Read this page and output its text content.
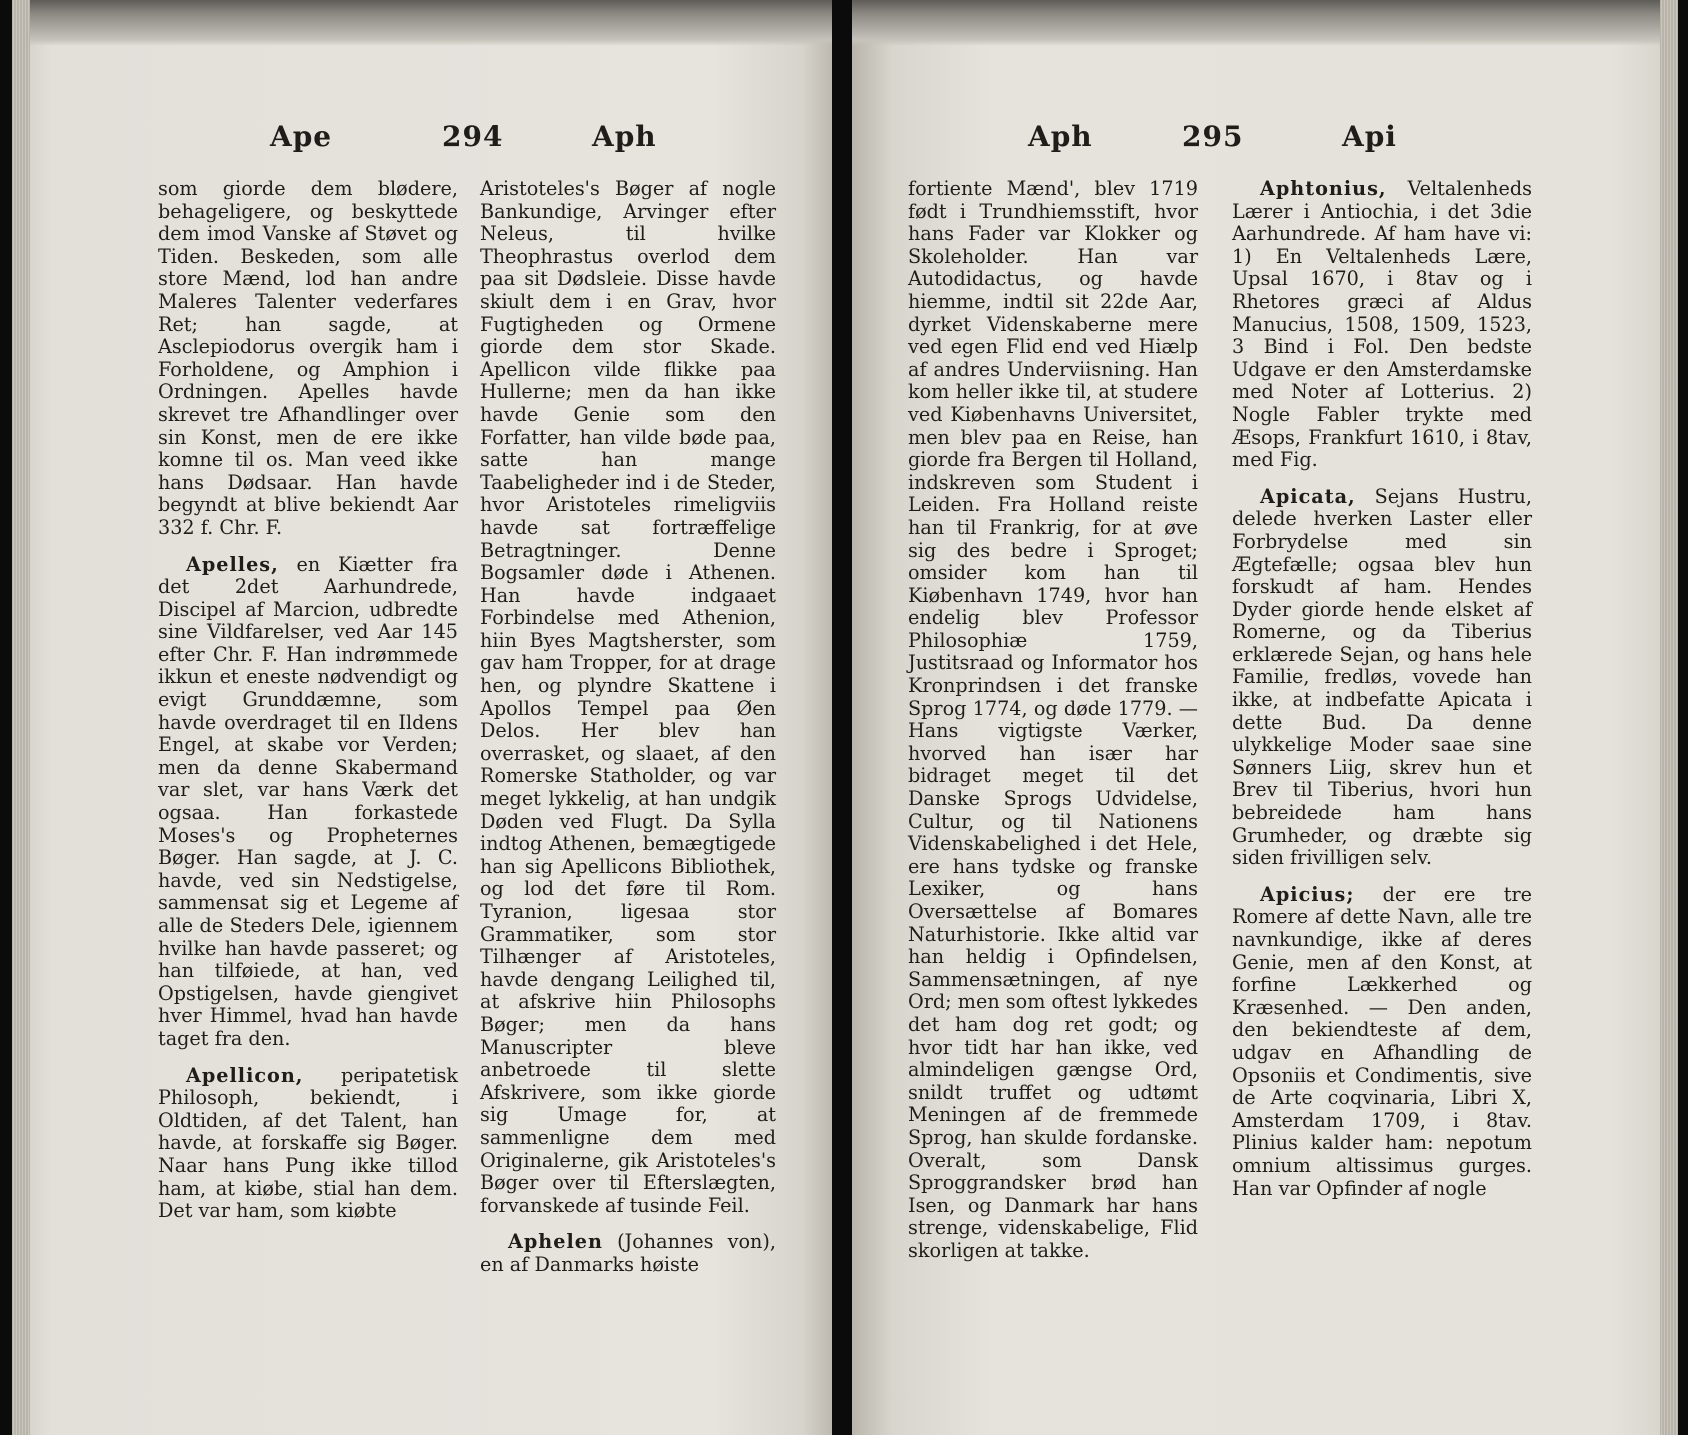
Ape	294	Aph

som giorde dem blødere, behageligere, og beskyttede dem imod Vanske af Støvet og Tiden. Beskeden, som alle store Mænd, lod han andre Maleres Talenter vederfares Ret; han sagde, at Asclepiodorus overgik ham i Forholdene, og Amphion i Ordningen. Apelles havde skrevet tre Afhandlinger over sin Konst, men de ere ikke komne til os. Man veed ikke hans Dødsaar. Han havde begyndt at blive bekiendt Aar 332 f. Chr. F.

Apelles, en Kiætter fra det 2det Aarhundrede, Discipel af Marcion, udbredte sine Vildfarelser, ved Aar 145 efter Chr. F. Han indrømmede ikkun et eneste nødvendigt og evigt Grunddæmne, som havde overdraget til en Ildens Engel, at skabe vor Verden; men da denne Skabermand var slet, var hans Værk det ogsaa. Han forkastede Moses's og Propheternes Bøger. Han sagde, at J. C. havde, ved sin Nedstigelse, sammensat sig et Legeme af alle de Steders Dele, igiennem hvilke han havde passeret; og han tilføiede, at han, ved Opstigelsen, havde giengivet hver Himmel, hvad han havde taget fra den.

Apellicon, peripatetisk Philosoph, bekiendt, i Oldtiden, af det Talent, han havde, at forskaffe sig Bøger. Naar hans Pung ikke tillod ham, at kiøbe, stial han dem. Det var ham, som kiøbte

Aristoteles's Bøger af nogle Bankundige, Arvinger efter Neleus, til hvilke Theophrastus overlod dem paa sit Dødsleie. Disse havde skiult dem i en Grav, hvor Fugtigheden og Ormene giorde dem stor Skade. Apellicon vilde flikke paa Hullerne; men da han ikke havde Genie som den Forfatter, han vilde bøde paa, satte han mange Taabeligheder ind i de Steder, hvor Aristoteles rimeligviis havde sat fortræffelige Betragtninger. Denne Bogsamler døde i Athenen. Han havde indgaaet Forbindelse med Athenion, hiin Byes Magtsherster, som gav ham Tropper, for at drage hen, og plyndre Skattene i Apollos Tempel paa Øen Delos. Her blev han overrasket, og slaaet, af den Romerske Statholder, og var meget lykkelig, at han undgik Døden ved Flugt. Da Sylla indtog Athenen, bemægtigede han sig Apellicons Bibliothek, og lod det føre til Rom. Tyranion, ligesaa stor Grammatiker, som stor Tilhænger af Aristoteles, havde dengang Leilighed til, at afskrive hiin Philosophs Bøger; men da hans Manuscripter bleve anbetroede til slette Afskrivere, som ikke giorde sig Umage for, at sammenligne dem med Originalerne, gik Aristoteles's Bøger over til Efterslægten, forvanskede af tusinde Feil.

Aphelen (Johannes von), en af Danmarks høiste

Aph	295	Api

fortiente Mænd', blev 1719 født i Trundhiemsstift, hvor hans Fader var Klokker og Skoleholder. Han var Autodidactus, og havde hiemme, indtil sit 22de Aar, dyrket Videnskaberne mere ved egen Flid end ved Hiælp af andres Underviisning. Han kom heller ikke til, at studere ved Kiøbenhavns Universitet, men blev paa en Reise, han giorde fra Bergen til Holland, indskreven som Student i Leiden. Fra Holland reiste han til Frankrig, for at øve sig des bedre i Sproget; omsider kom han til Kiøbenhavn 1749, hvor han endelig blev Professor Philosophiæ 1759, Justitsraad og Informator hos Kronprindsen i det franske Sprog 1774, og døde 1779. — Hans vigtigste Værker, hvorved han især har bidraget meget til det Danske Sprogs Udvidelse, Cultur, og til Nationens Videnskabelighed i det Hele, ere hans tydske og franske Lexiker, og hans Oversættelse af Bomares Naturhistorie. Ikke altid var han heldig i Opfindelsen, Sammensætningen, af nye Ord; men som oftest lykkedes det ham dog ret godt; og hvor tidt har han ikke, ved almindeligen gængse Ord, snildt truffet og udtømt Meningen af de fremmede Sprog, han skulde fordanske. Overalt, som Dansk Sproggrandsker brød han Isen, og Danmark har hans strenge, videnskabelige, Flid skorligen at takke.

Aphtonius, Veltalenheds Lærer i Antiochia, i det 3die Aarhundrede. Af ham have vi: 1) En Veltalenheds Lære, Upsal 1670, i 8tav og i Rhetores græci af Aldus Manucius, 1508, 1509, 1523, 3 Bind i Fol. Den bedste Udgave er den Amsterdamske med Noter af Lotterius. 2) Nogle Fabler trykte med Æsops, Frankfurt 1610, i 8tav, med Fig.

Apicata, Sejans Hustru, delede hverken Laster eller Forbrydelse med sin Ægtefælle; ogsaa blev hun forskudt af ham. Hendes Dyder giorde hende elsket af Romerne, og da Tiberius erklærede Sejan, og hans hele Familie, fredløs, vovede han ikke, at indbefatte Apicata i dette Bud. Da denne ulykkelige Moder saae sine Sønners Liig, skrev hun et Brev til Tiberius, hvori hun bebreidede ham hans Grumheder, og dræbte sig siden frivilligen selv.

Apicius; der ere tre Romere af dette Navn, alle tre navnkundige, ikke af deres Genie, men af den Konst, at forfine Lækkerhed og Kræsenhed. — Den anden, den bekiendteste af dem, udgav en Afhandling de Opsoniis et Condimentis, sive de Arte coqvinaria, Libri X, Amsterdam 1709, i 8tav. Plinius kalder ham: nepotum omnium altissimus gurges. Han var Opfinder af nogle
